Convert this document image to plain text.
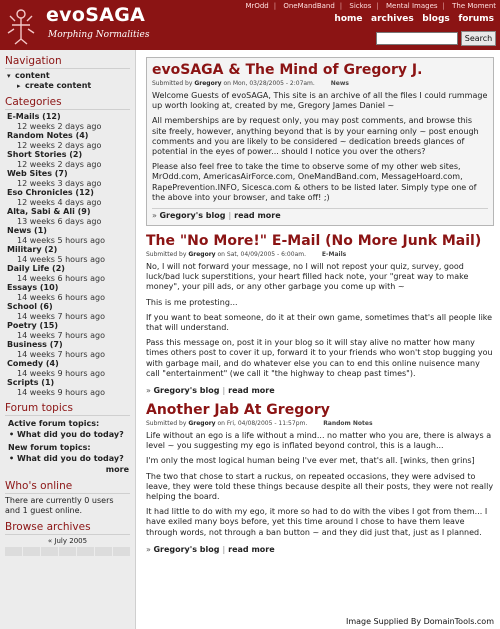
evoSAGA
Morphing Normalities
MrOdd | OneMandBand | Sickos | Mental Images | The Moment
home archives blogs forums
Search
Navigation
▾ content
▸ create content
Categories
E-Mails (12)
12 weeks 2 days ago
Random Notes (4)
12 weeks 2 days ago
Short Stories (2)
12 weeks 2 days ago
Web Sites (7)
12 weeks 3 days ago
Eso Chronicles (12)
12 weeks 4 days ago
Alta, Sabi & Ali (9)
13 weeks 6 days ago
News (1)
14 weeks 5 hours ago
Military (2)
14 weeks 5 hours ago
Daily Life (2)
14 weeks 6 hours ago
Essays (10)
14 weeks 6 hours ago
School (6)
14 weeks 7 hours ago
Poetry (15)
14 weeks 7 hours ago
Business (7)
14 weeks 7 hours ago
Comedy (4)
14 weeks 9 hours ago
Scripts (1)
14 weeks 9 hours ago
Forum topics
Active forum topics:
• What did you do today?
New forum topics:
• What did you do today?
more
Who's online
There are currently 0 users and 1 guest online.
Browse archives
« July 2005
evoSAGA & The Mind of Gregory J.
Submitted by Gregory on Mon, 03/28/2005 - 2:07am.	News
Welcome Guests of evoSAGA, This site is an archive of all the files I could rummage up worth looking at, created by me, Gregory James Daniel ~
All memberships are by request only, you may post comments, and browse this site freely, however, anything beyond that is by your earning only ~ post enough comments and you are likely to be considered ~ dedication breeds glances of potential in the eyes of power... should I notice you over the others?
Please also feel free to take the time to observe some of my other web sites, MrOdd.com, AmericasAirForce.com, OneMandBand.com, MessageHoard.com, RapePrevention.INFO, Sicesca.com & others to be listed later. Simply type one of the above into your browser, and take off! ;)
» Gregory's blog | read more
The "No More!" E-Mail (No More Junk Mail)
Submitted by Gregory on Sat, 04/09/2005 - 6:00am.	E-Mails
No, I will not forward your message, no I will not repost your quiz, survey, good luck/bad luck superstitions, your heart filled hack note, your "great way to make money", your pill ads, or any other garbage you come up with ~
This is me protesting...
If you want to beat someone, do it at their own game, sometimes that's all people like that will understand.
Pass this message on, post it in your blog so it will stay alive no matter how many times others post to cover it up, forward it to your friends who won't stop bugging you with garbage mail, and do whatever else you can to end this online nuisence many call "entertainment" (we call it "the highway to cheap past times").
» Gregory's blog | read more
Another Jab At Gregory
Submitted by Gregory on Fri, 04/08/2005 - 11:57pm.	Random Notes
Life without an ego is a life without a mind... no matter who you are, there is always a level ~ you suggesting my ego is inflated beyond control, this is a laugh...
I'm only the most logical human being I've ever met, that's all. [winks, then grins]
The two that chose to start a ruckus, on repeated occasions, they were advised to leave, they were told these things because despite all their posts, they were not really helping the board.
It had little to do with my ego, it more so had to do with the vibes I got from them... I have exiled many boys before, yet this time around I chose to have them leave through words, not through a ban button ~ and they did just that, just as I planned.
» Gregory's blog | read more
Image Supplied By DomainTools.com
